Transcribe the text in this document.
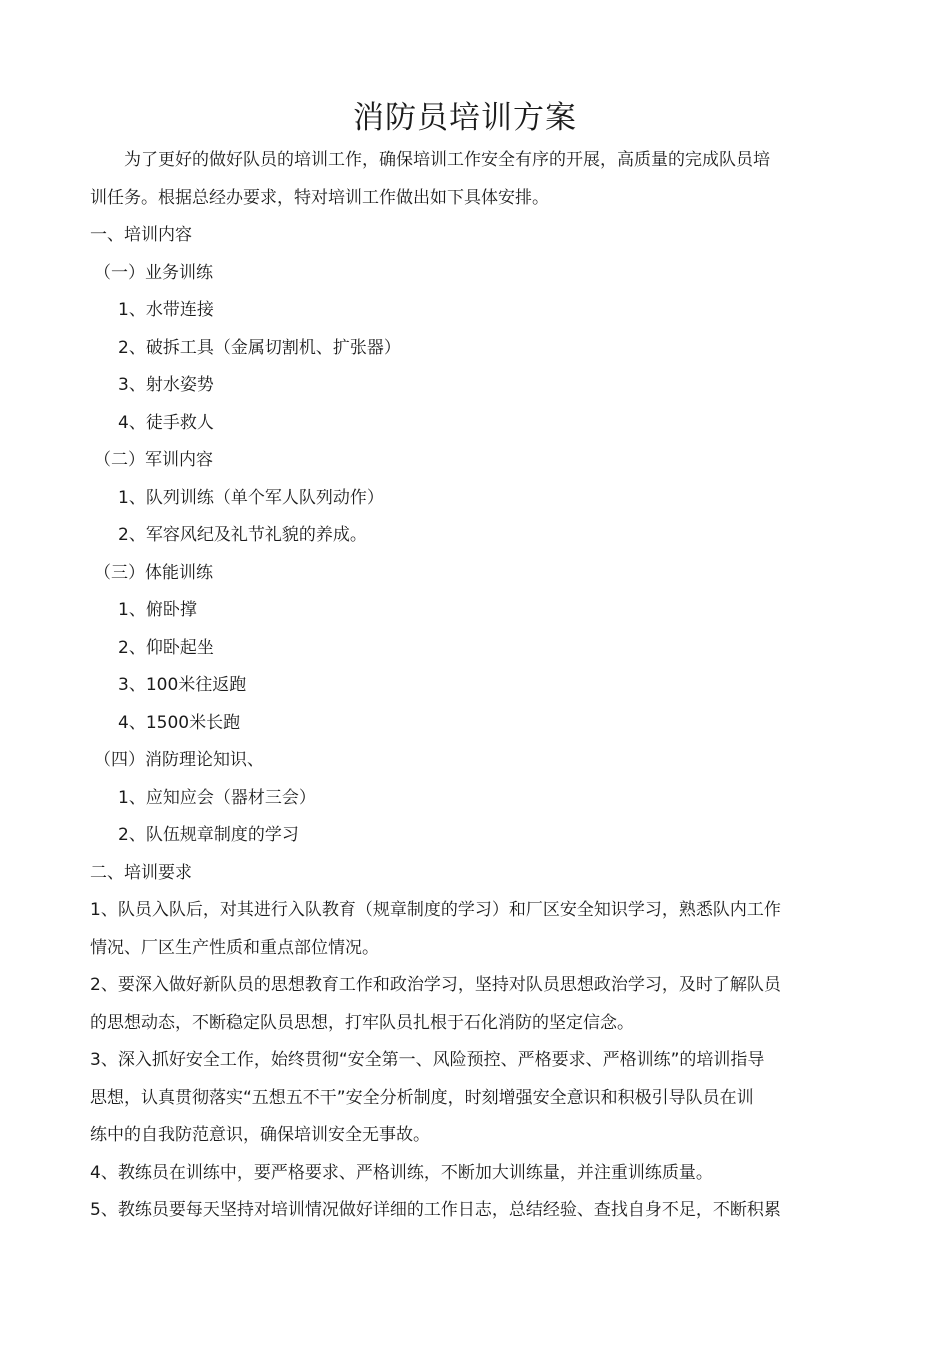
消防员培训方案

为了更好的做好队员的培训工作，确保培训工作安全有序的开展，高质量的完成队员培

训任务。根据总经办要求，特对培训工作做出如下具体安排。

一、培训内容

（一）业务训练

1、水带连接

2、破拆工具（金属切割机、扩张器）

3、射水姿势

4、徒手救人

（二）军训内容

1、队列训练（单个军人队列动作）

2、军容风纪及礼节礼貌的养成。

（三）体能训练

1、俯卧撑

2、仰卧起坐

3、100米往返跑

4、1500米长跑

（四）消防理论知识、

1、应知应会（器材三会）

2、队伍规章制度的学习

二、培训要求

1、队员入队后，对其进行入队教育（规章制度的学习）和厂区安全知识学习，熟悉队内工作

情况、厂区生产性质和重点部位情况。

2、要深入做好新队员的思想教育工作和政治学习，坚持对队员思想政治学习，及时了解队员

的思想动态，不断稳定队员思想，打牢队员扎根于石化消防的坚定信念。

3、深入抓好安全工作，始终贯彻“安全第一、风险预控、严格要求、严格训练”的培训指导

思想，认真贯彻落实“五想五不干”安全分析制度，时刻增强安全意识和积极引导队员在训

练中的自我防范意识，确保培训安全无事故。

4、教练员在训练中，要严格要求、严格训练，不断加大训练量，并注重训练质量。

5、教练员要每天坚持对培训情况做好详细的工作日志，总结经验、查找自身不足，不断积累
